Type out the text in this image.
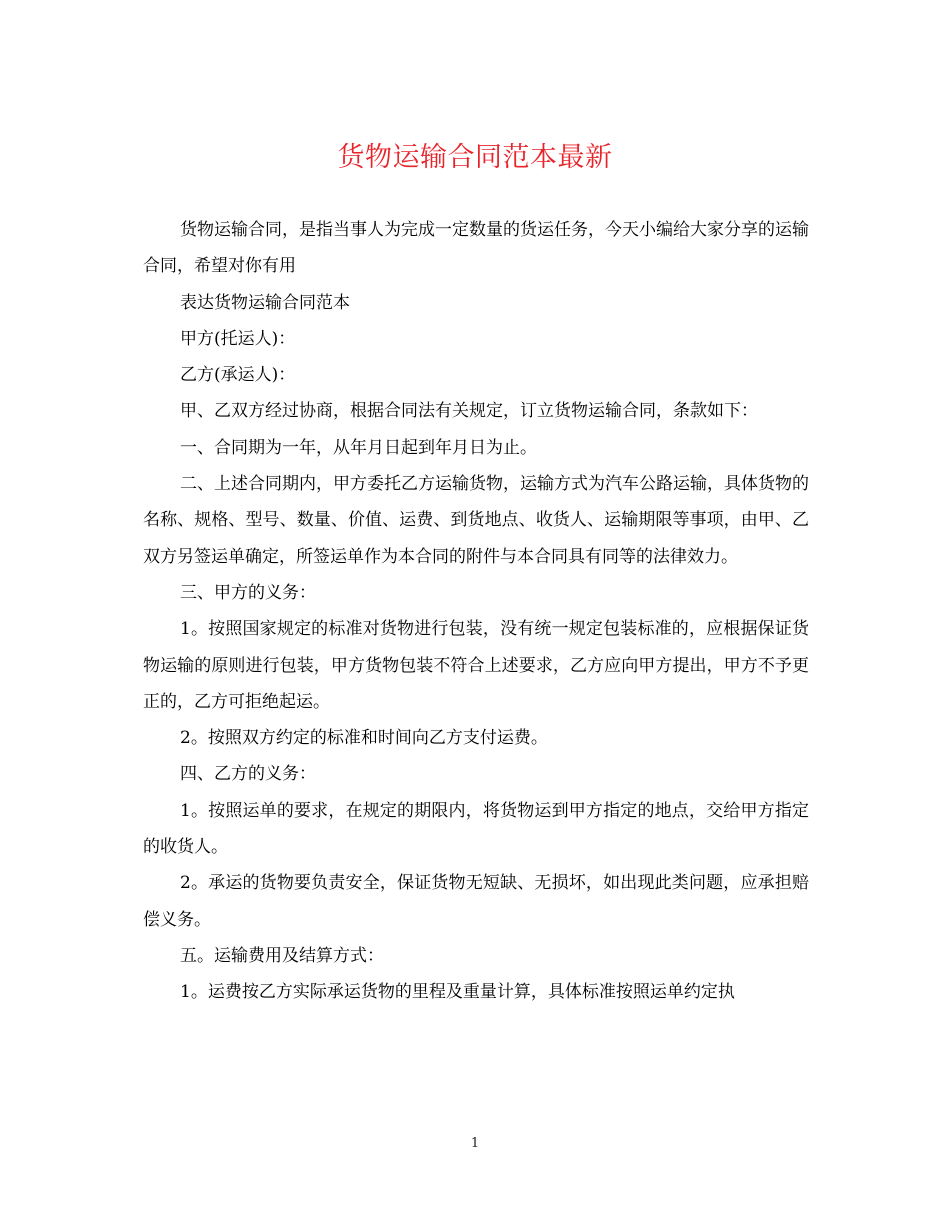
货物运输合同范本最新

货物运输合同，是指当事人为完成一定数量的货运任务，今天小编给大家分享的运输合同，希望对你有用

表达货物运输合同范本

甲方(托运人)：

乙方(承运人)：

甲、乙双方经过协商，根据合同法有关规定，订立货物运输合同，条款如下：

一、合同期为一年，从年月日起到年月日为止。

二、上述合同期内，甲方委托乙方运输货物，运输方式为汽车公路运输，具体货物的名称、规格、型号、数量、价值、运费、到货地点、收货人、运输期限等事项，由甲、乙双方另签运单确定，所签运单作为本合同的附件与本合同具有同等的法律效力。

三、甲方的义务：

1。按照国家规定的标准对货物进行包装，没有统一规定包装标准的，应根据保证货物运输的原则进行包装，甲方货物包装不符合上述要求，乙方应向甲方提出，甲方不予更正的，乙方可拒绝起运。

2。按照双方约定的标准和时间向乙方支付运费。

四、乙方的义务：

1。按照运单的要求，在规定的期限内，将货物运到甲方指定的地点，交给甲方指定的收货人。

2。承运的货物要负责安全，保证货物无短缺、无损坏，如出现此类问题，应承担赔偿义务。

五。运输费用及结算方式：

1。运费按乙方实际承运货物的里程及重量计算，具体标准按照运单约定执

1
